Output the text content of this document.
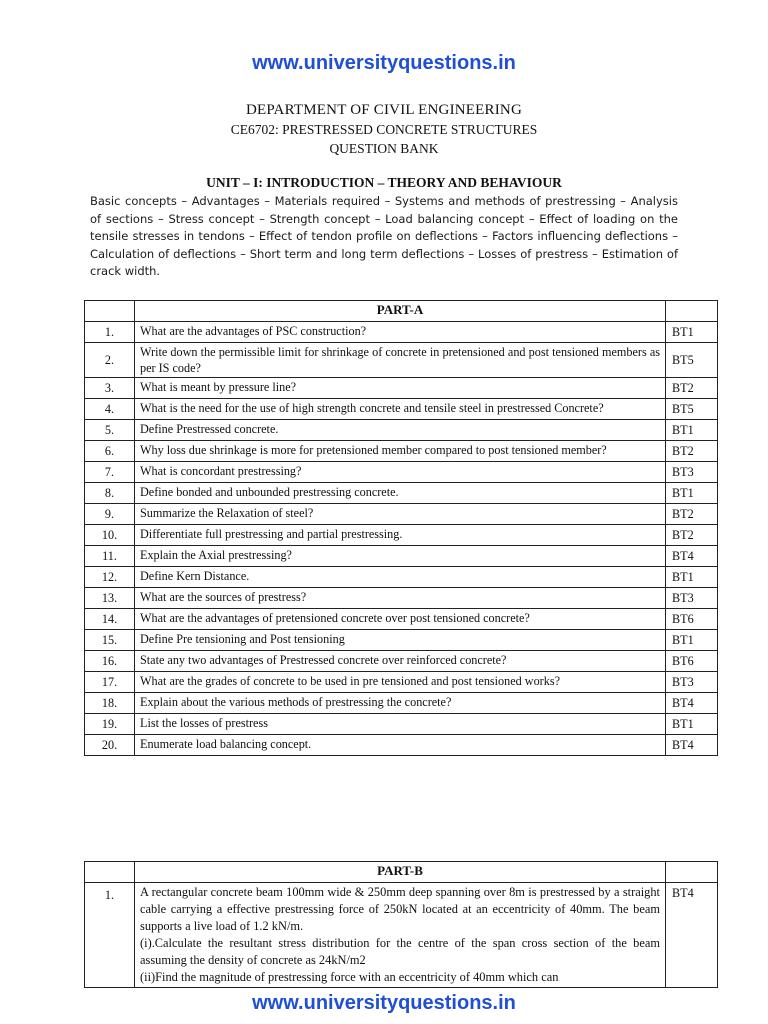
www.universityquestions.in
DEPARTMENT OF CIVIL ENGINEERING
CE6702: PRESTRESSED CONCRETE STRUCTURES
QUESTION BANK
UNIT – I: INTRODUCTION – THEORY AND BEHAVIOUR
Basic concepts – Advantages – Materials required – Systems and methods of prestressing – Analysis of sections – Stress concept – Strength concept – Load balancing concept – Effect of loading on the tensile stresses in tendons – Effect of tendon profile on deflections – Factors influencing deflections – Calculation of deflections – Short term and long term deflections – Losses of prestress – Estimation of crack width.
	PART-A	
1.	What are the advantages of PSC construction?	BT1
2.	Write down the permissible limit for shrinkage of concrete in pretensioned and post tensioned members as per IS code?	BT5
3.	What is meant by pressure line?	BT2
4.	What is the need for the use of high strength concrete and tensile steel in prestressed Concrete?	BT5
5.	Define Prestressed concrete.	BT1
6.	Why loss due shrinkage is more for pretensioned member compared to post tensioned member?	BT2
7.	What is concordant prestressing?	BT3
8.	Define bonded and unbounded prestressing concrete.	BT1
9.	Summarize the Relaxation of steel?	BT2
10.	Differentiate full prestressing and partial prestressing.	BT2
11.	Explain the Axial prestressing?	BT4
12.	Define Kern Distance.	BT1
13.	What are the sources of prestress?	BT3
14.	What are the advantages of pretensioned concrete over post tensioned concrete?	BT6
15.	Define Pre tensioning and Post tensioning	BT1
16.	State any two advantages of Prestressed concrete over reinforced concrete?	BT6
17.	What are the grades of concrete to be used in pre tensioned and post tensioned works?	BT3
18.	Explain about the various methods of prestressing the concrete?	BT4
19.	List the losses of prestress	BT1
20.	Enumerate load balancing concept.	BT4
	PART-B	
1.	A rectangular concrete beam 100mm wide & 250mm deep spanning over 8m is prestressed by a straight cable carrying a effective prestressing force of 250kN located at an eccentricity of 40mm. The beam supports a live load of 1.2 kN/m.
(i).Calculate the resultant stress distribution for the centre of the span cross section of the beam assuming the density of concrete as 24kN/m2
(ii)Find the magnitude of prestressing force with an eccentricity of 40mm which can	BT4
www.universityquestions.in
